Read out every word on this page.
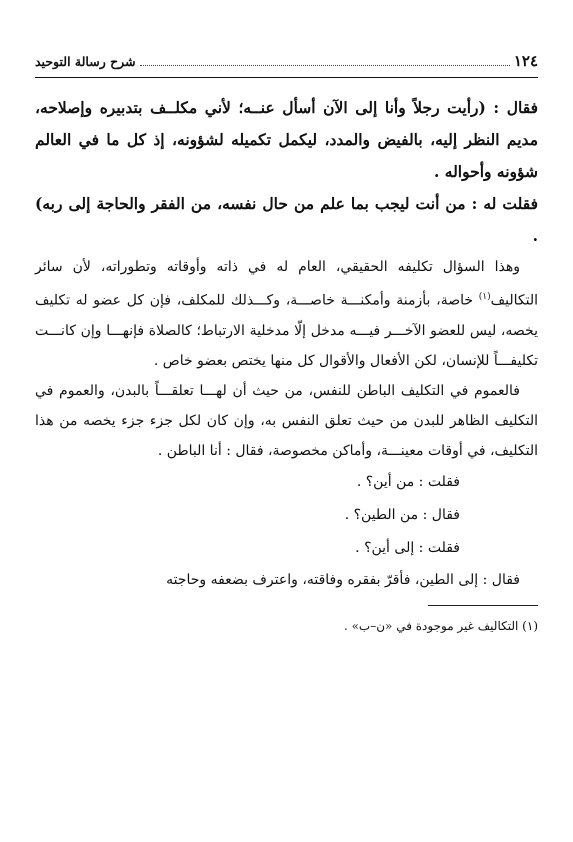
١٢٤
شرح رسالة التوحيد

فقال : (رأيت رجلاً وأنا إلى الآن أسأل عنــه؛ لأني مكلــف بتدبيره وإصلاحه، مديم النظر إليه، بالفيض والمدد، ليكمل تكميله لشؤونه، إذ كل ما في العالم شؤونه وأحواله .

فقلت له : من أنت ليجب بما علم من حال نفسه، من الفقر والحاجة إلى ربه) .

وهذا السؤال تكليفه الحقيقي، العام له في ذاته وأوقاته وتطوراته، لأن سائر التكاليف$^{(١)}$ خاصة، بأزمنة وأمكنـــة خاصـــة، وكـــذلك للمكلف، فإن كل عضو له تكليف يخصه، ليس للعضو الآخـــر فيـــه مدخل إلّا مدخلية الارتباط؛ كالصلاة فإنهـــا وإن كانـــت تكليفـــاً للإنسان، لكن الأفعال والأقوال كل منها يختص بعضو خاص .

فالعموم في التكليف الباطن للنفس، من حيث أن لهـــا تعلقـــاً بالبدن، والعموم في التكليف الظاهر للبدن من حيث تعلق النفس به، وإن كان لكل جزء جزء يخصه من هذا التكليف، في أوقات معينـــة، وأماكن مخصوصة، فقال : أنا الباطن .

فقلت : من أين؟ .

فقال : من الطين؟ .

فقلت : إلى أين؟ .

فقال : إلى الطين، فأقرّ بفقره وفاقته، واعترف بضعفه وحاجته

(١) التكاليف غير موجودة في «ن–ب» .
